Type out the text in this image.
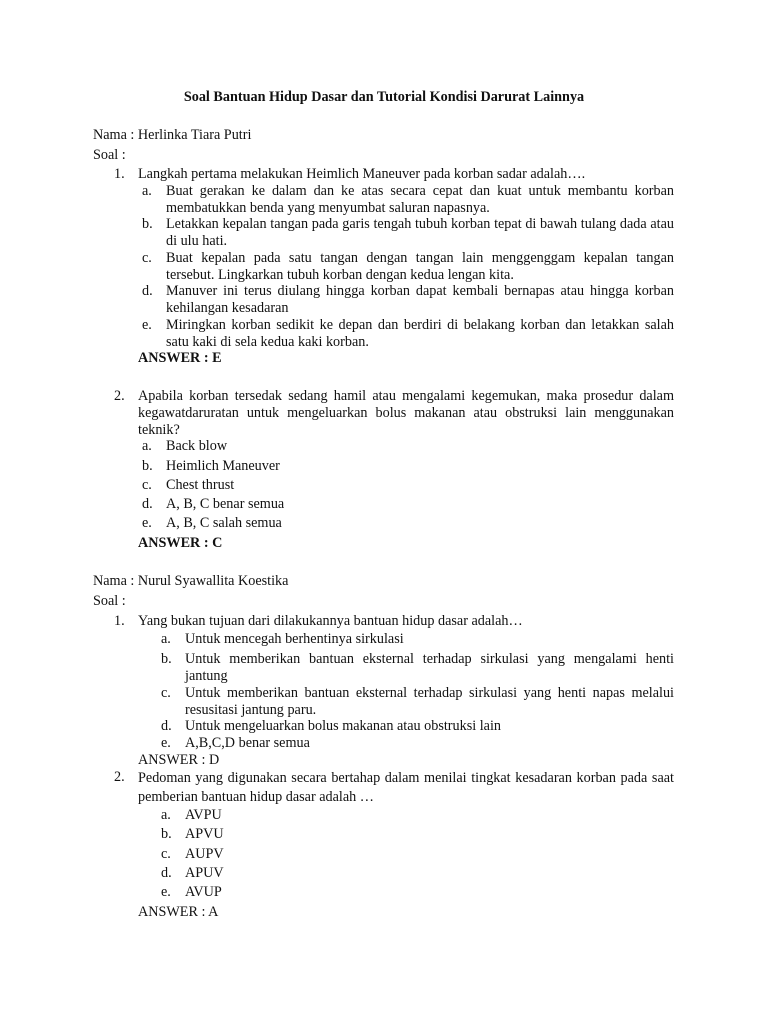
Soal Bantuan Hidup Dasar dan Tutorial Kondisi Darurat Lainnya
Nama : Herlinka Tiara Putri
Soal :
1. Langkah pertama melakukan Heimlich Maneuver pada korban sadar adalah….
a. Buat gerakan ke dalam dan ke atas secara cepat dan kuat untuk membantu korban membatukkan benda yang menyumbat saluran napasnya.
b. Letakkan kepalan tangan pada garis tengah tubuh korban tepat di bawah tulang dada atau di ulu hati.
c. Buat kepalan pada satu tangan dengan tangan lain menggenggam kepalan tangan tersebut. Lingkarkan tubuh korban dengan kedua lengan kita.
d. Manuver ini terus diulang hingga korban dapat kembali bernapas atau hingga korban kehilangan kesadaran
e. Miringkan korban sedikit ke depan dan berdiri di belakang korban dan letakkan salah satu kaki di sela kedua kaki korban.
ANSWER : E
2. Apabila korban tersedak sedang hamil atau mengalami kegemukan, maka prosedur dalam kegawatdaruratan untuk mengeluarkan bolus makanan atau obstruksi lain menggunakan teknik?
a. Back blow
b. Heimlich Maneuver
c. Chest thrust
d. A, B, C benar semua
e. A, B, C salah semua
ANSWER : C
Nama : Nurul Syawallita Koestika
Soal :
1. Yang bukan tujuan dari dilakukannya bantuan hidup dasar adalah…
a. Untuk mencegah berhentinya sirkulasi
b. Untuk memberikan bantuan eksternal terhadap sirkulasi yang mengalami henti jantung
c. Untuk memberikan bantuan eksternal terhadap sirkulasi yang henti napas melalui resusitasi jantung paru.
d. Untuk mengeluarkan bolus makanan atau obstruksi lain
e. A,B,C,D benar semua
ANSWER : D
2. Pedoman yang digunakan secara bertahap dalam menilai tingkat kesadaran korban pada saat pemberian bantuan hidup dasar adalah …
a. AVPU
b. APVU
c. AUPV
d. APUV
e. AVUP
ANSWER : A
